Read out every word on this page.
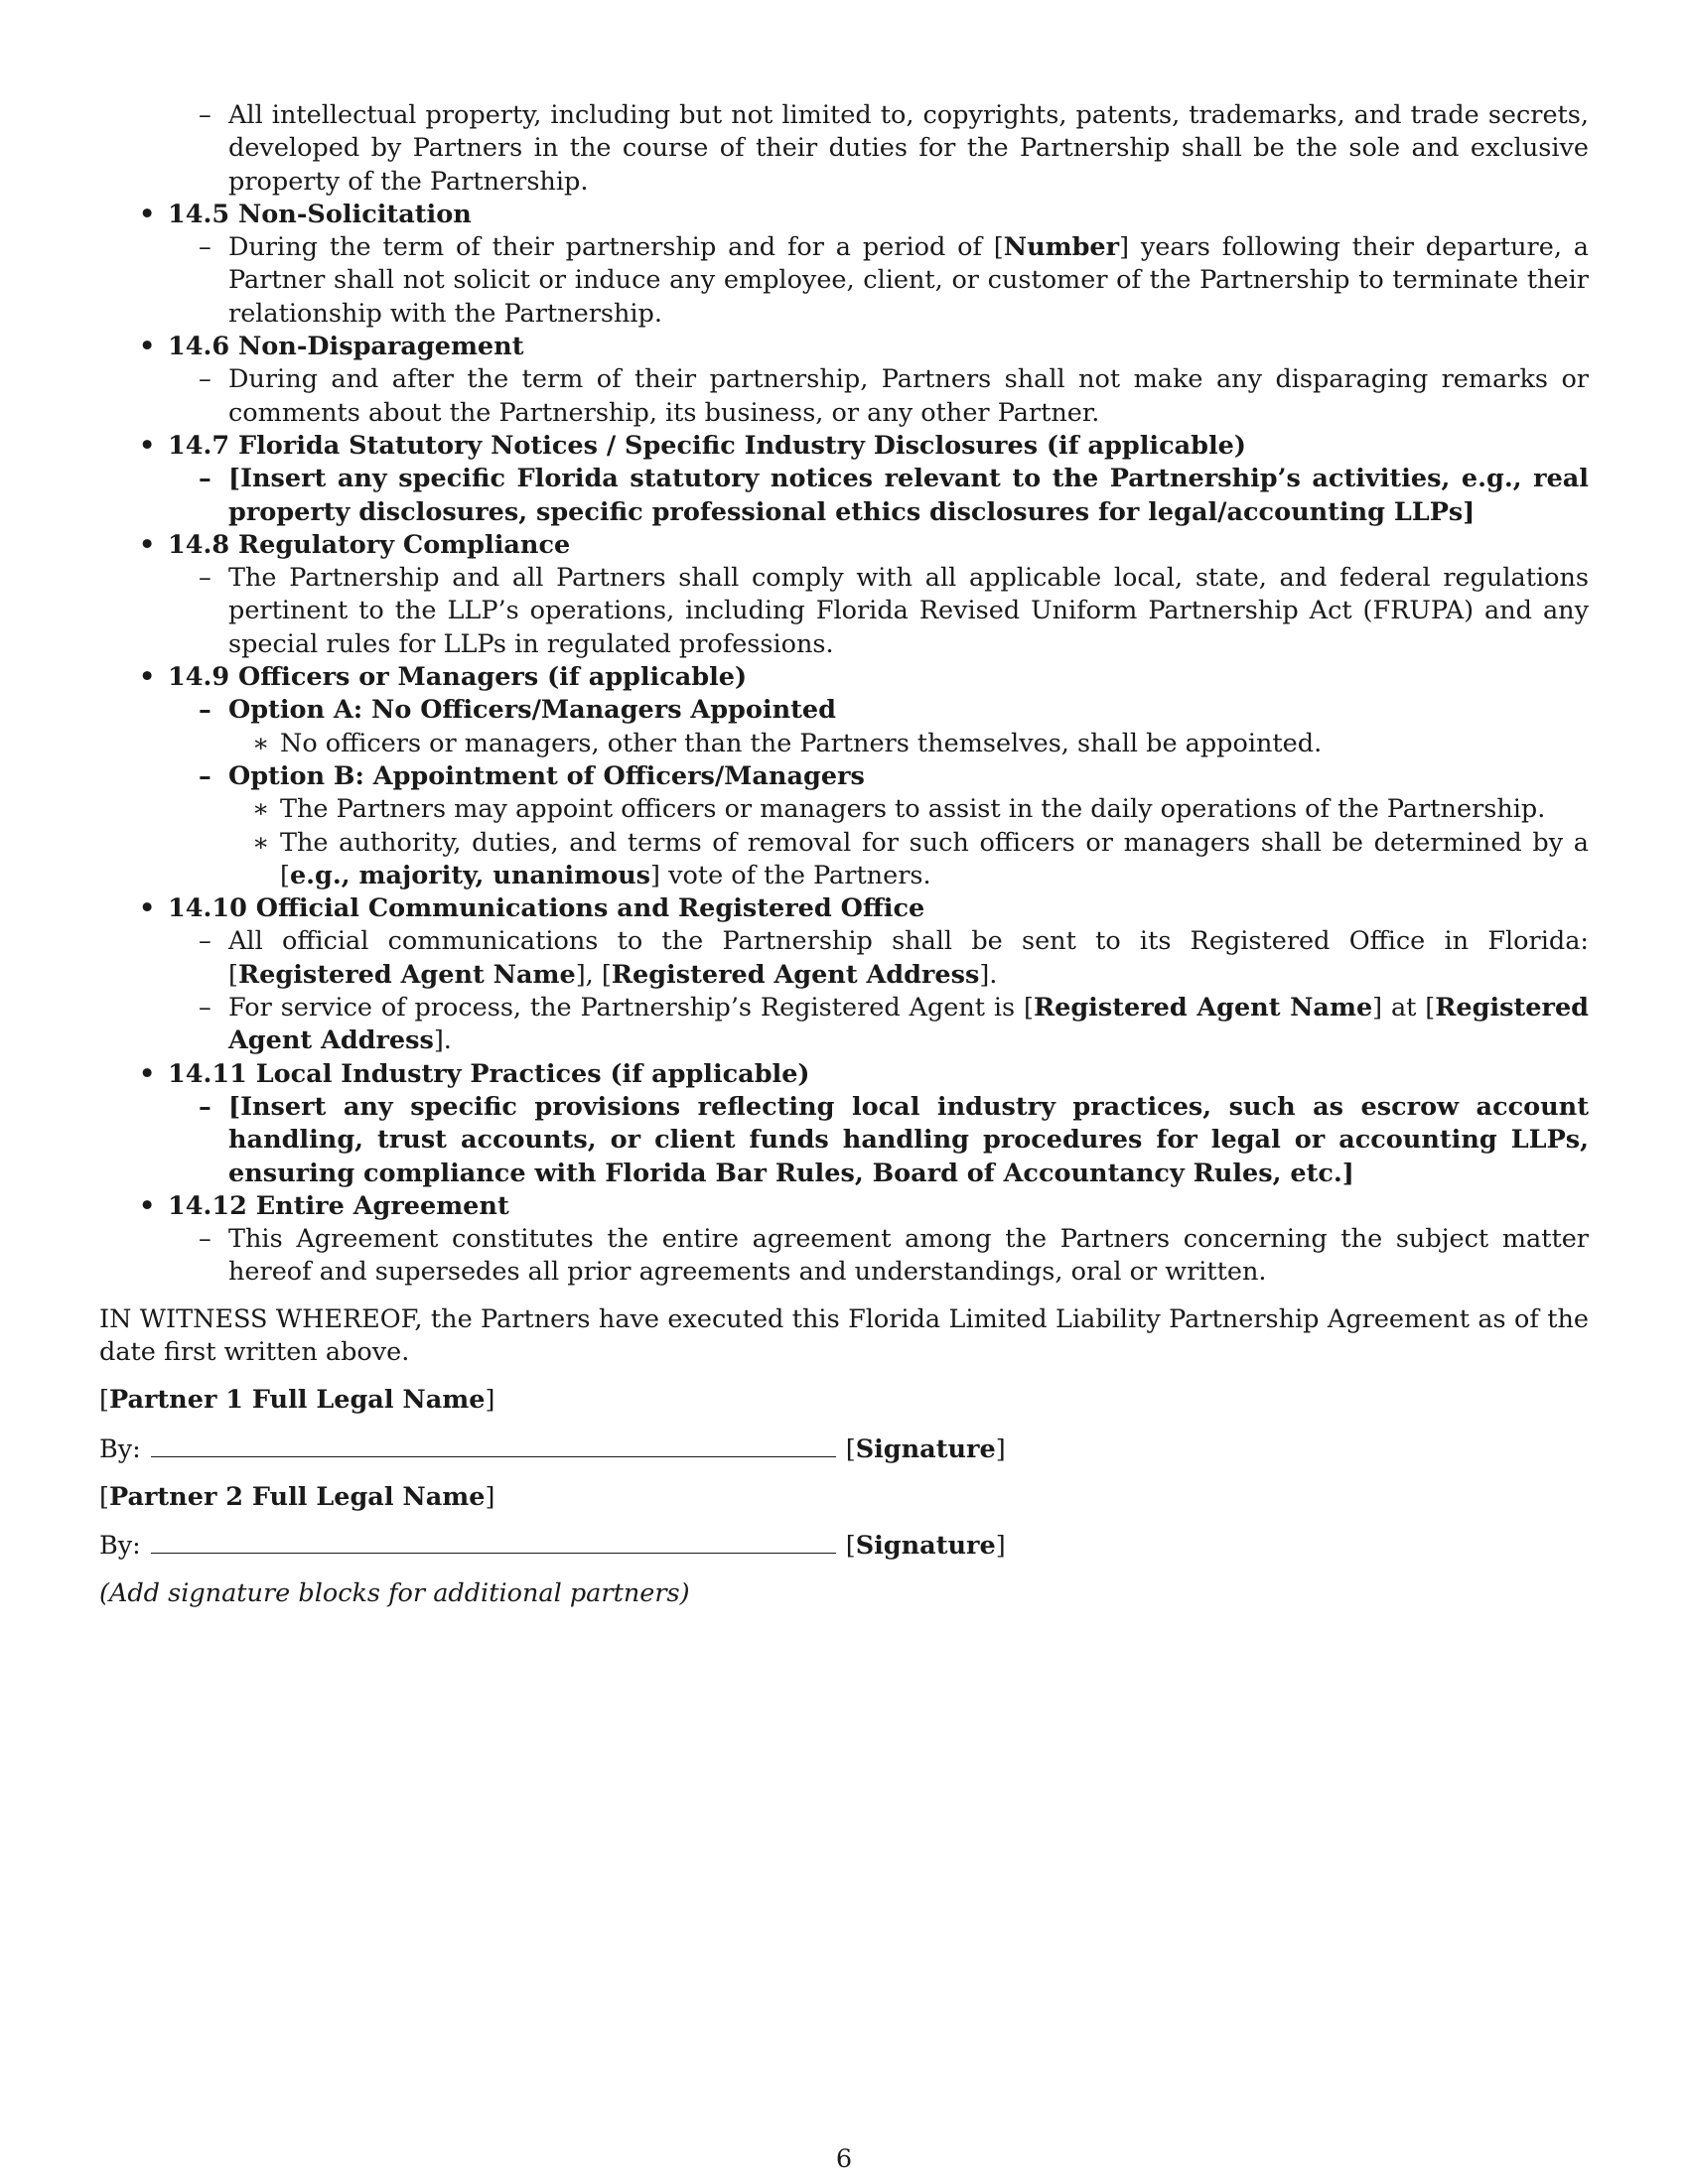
– All intellectual property, including but not limited to, copyrights, patents, trademarks, and trade secrets, developed by Partners in the course of their duties for the Partnership shall be the sole and exclusive property of the Partnership.
• 14.5 Non-Solicitation
– During the term of their partnership and for a period of [Number] years following their departure, a Partner shall not solicit or induce any employee, client, or customer of the Partnership to terminate their relationship with the Partnership.
• 14.6 Non-Disparagement
– During and after the term of their partnership, Partners shall not make any disparaging remarks or comments about the Partnership, its business, or any other Partner.
• 14.7 Florida Statutory Notices / Specific Industry Disclosures (if applicable)
– [Insert any specific Florida statutory notices relevant to the Partnership’s activities, e.g., real property disclosures, specific professional ethics disclosures for legal/accounting LLPs]
• 14.8 Regulatory Compliance
– The Partnership and all Partners shall comply with all applicable local, state, and federal regulations pertinent to the LLP’s operations, including Florida Revised Uniform Partnership Act (FRUPA) and any special rules for LLPs in regulated professions.
• 14.9 Officers or Managers (if applicable)
– Option A: No Officers/Managers Appointed
∗ No officers or managers, other than the Partners themselves, shall be appointed.
– Option B: Appointment of Officers/Managers
∗ The Partners may appoint officers or managers to assist in the daily operations of the Partnership.
∗ The authority, duties, and terms of removal for such officers or managers shall be determined by a [e.g., majority, unanimous] vote of the Partners.
• 14.10 Official Communications and Registered Office
– All official communications to the Partnership shall be sent to its Registered Office in Florida: [Registered Agent Name], [Registered Agent Address].
– For service of process, the Partnership’s Registered Agent is [Registered Agent Name] at [Registered Agent Address].
• 14.11 Local Industry Practices (if applicable)
– [Insert any specific provisions reflecting local industry practices, such as escrow account handling, trust accounts, or client funds handling procedures for legal or accounting LLPs, ensuring compliance with Florida Bar Rules, Board of Accountancy Rules, etc.]
• 14.12 Entire Agreement
– This Agreement constitutes the entire agreement among the Partners concerning the subject matter hereof and supersedes all prior agreements and understandings, oral or written.

IN WITNESS WHEREOF, the Partners have executed this Florida Limited Liability Partnership Agreement as of the date first written above.

[Partner 1 Full Legal Name]

By:	[Signature]

[Partner 2 Full Legal Name]

By:	[Signature]

(Add signature blocks for additional partners)

6
